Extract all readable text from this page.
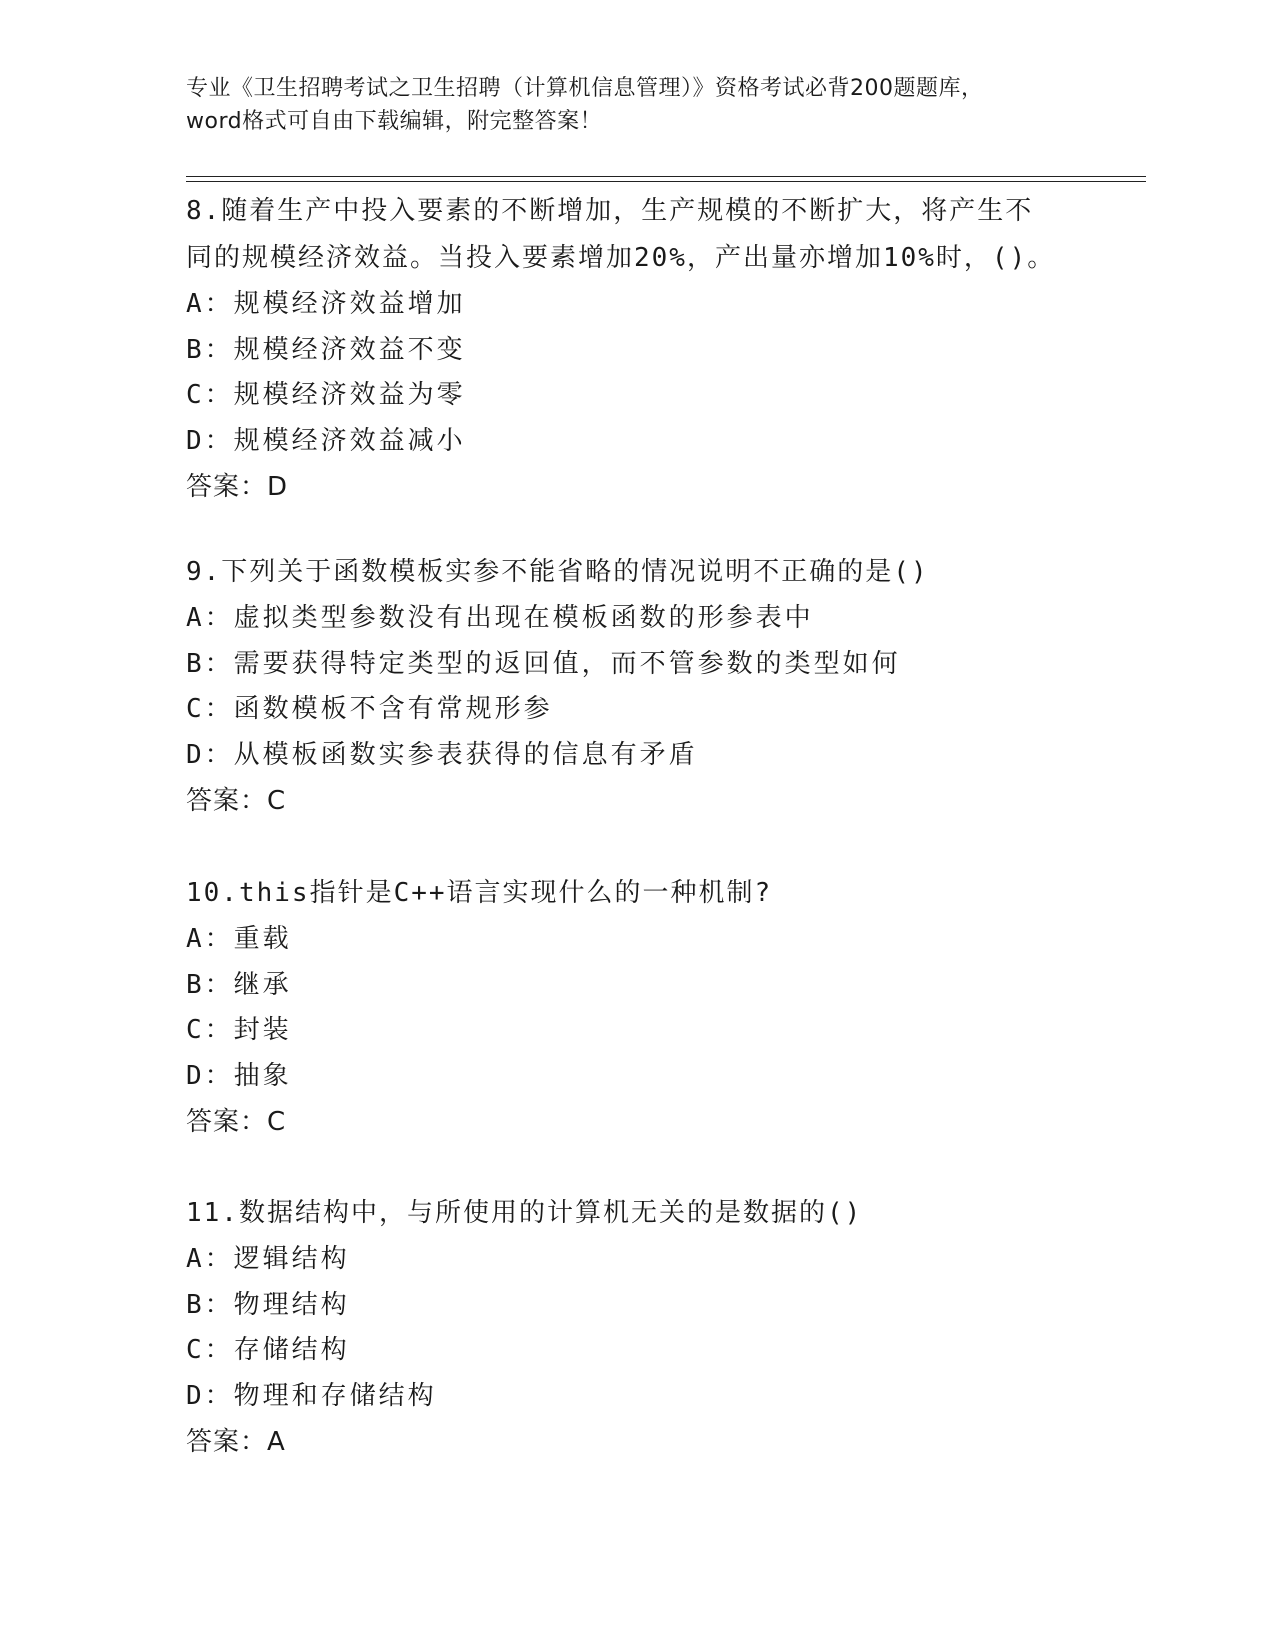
专业《卫生招聘考试之卫生招聘（计算机信息管理）》资格考试必背200题题库，
word格式可自由下载编辑，附完整答案！

8.随着生产中投入要素的不断增加，生产规模的不断扩大，将产生不

同的规模经济效益。当投入要素增加20%，产出量亦增加10%时，()。

A：规模经济效益增加

B：规模经济效益不变

C：规模经济效益为零

D：规模经济效益减小

答案：D

9.下列关于函数模板实参不能省略的情况说明不正确的是()

A：虚拟类型参数没有出现在模板函数的形参表中

B：需要获得特定类型的返回值，而不管参数的类型如何

C：函数模板不含有常规形参

D：从模板函数实参表获得的信息有矛盾

答案：C

10.this指针是C++语言实现什么的一种机制?

A：重载

B：继承

C：封装

D：抽象

答案：C

11.数据结构中，与所使用的计算机无关的是数据的()

A：逻辑结构

B：物理结构

C：存储结构

D：物理和存储结构

答案：A
